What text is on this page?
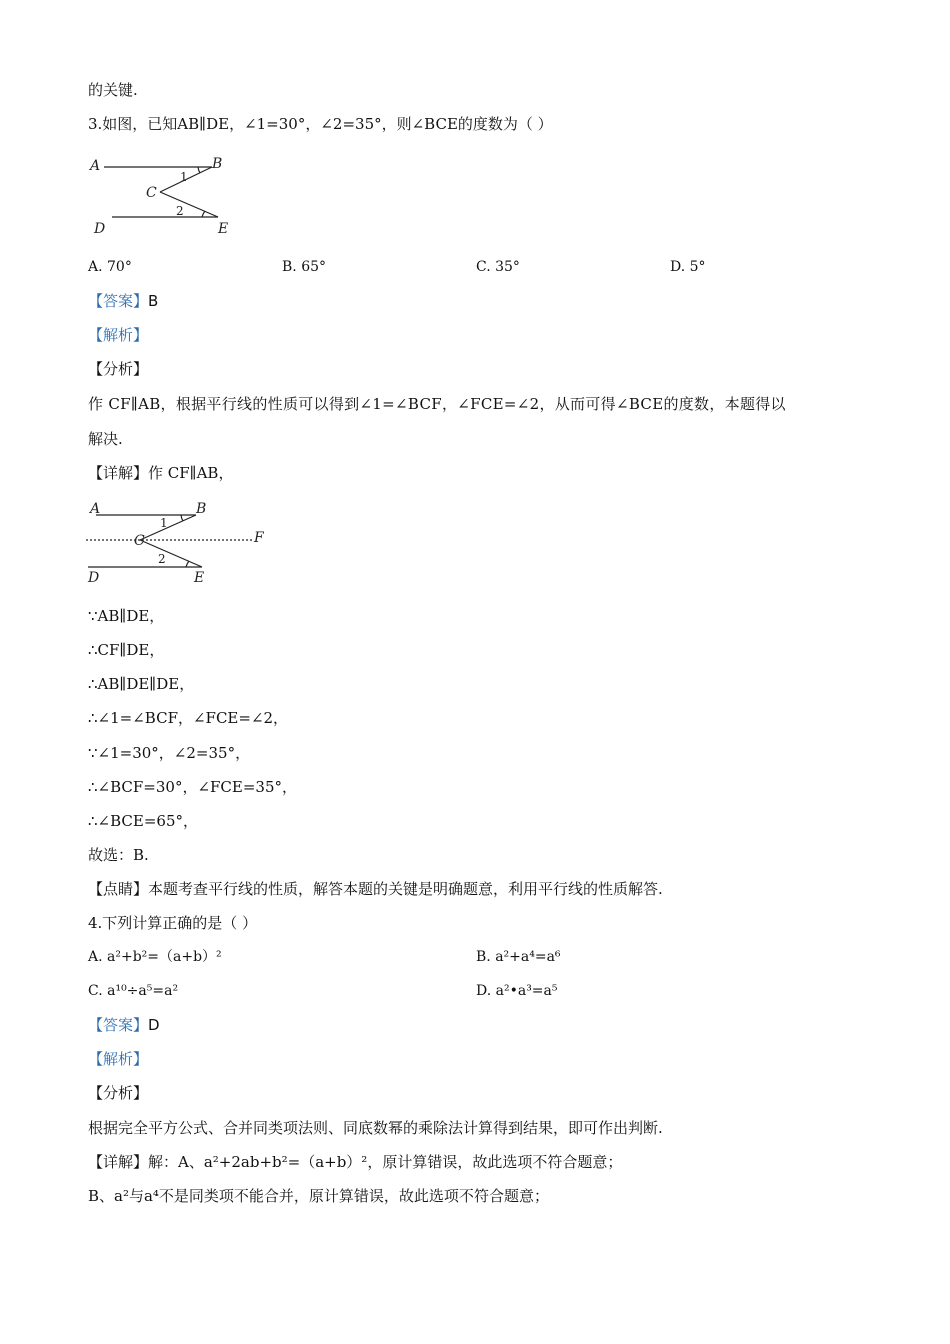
的关键.
3.如图，已知AB∥DE，∠1=30°，∠2=35°，则∠BCE的度数为（ ）
A	B
C
D	E
1
2
A. 70°	B. 65°	C. 35°	D. 5°
【答案】B
【解析】
【分析】
作 CF∥AB，根据平行线的性质可以得到∠1=∠BCF，∠FCE=∠2，从而可得∠BCE的度数，本题得以
解决.
【详解】作 CF∥AB，
A	B
C	F
D	E
1
2
∵AB∥DE，
∴CF∥DE，
∴AB∥DE∥DE，
∴∠1=∠BCF，∠FCE=∠2，
∵∠1=30°，∠2=35°，
∴∠BCF=30°，∠FCE=35°，
∴∠BCE=65°，
故选：B.
【点睛】本题考查平行线的性质，解答本题的关键是明确题意，利用平行线的性质解答.
4.下列计算正确的是（ ）
A. a²+b²=（a+b）²	B. a²+a⁴=a⁶
C. a¹⁰÷a⁵=a²	D. a²•a³=a⁵
【答案】D
【解析】
【分析】
根据完全平方公式、合并同类项法则、同底数幂的乘除法计算得到结果，即可作出判断.
【详解】解：A、a²+2ab+b²=（a+b）²，原计算错误，故此选项不符合题意；
B、a²与a⁴不是同类项不能合并，原计算错误，故此选项不符合题意；
